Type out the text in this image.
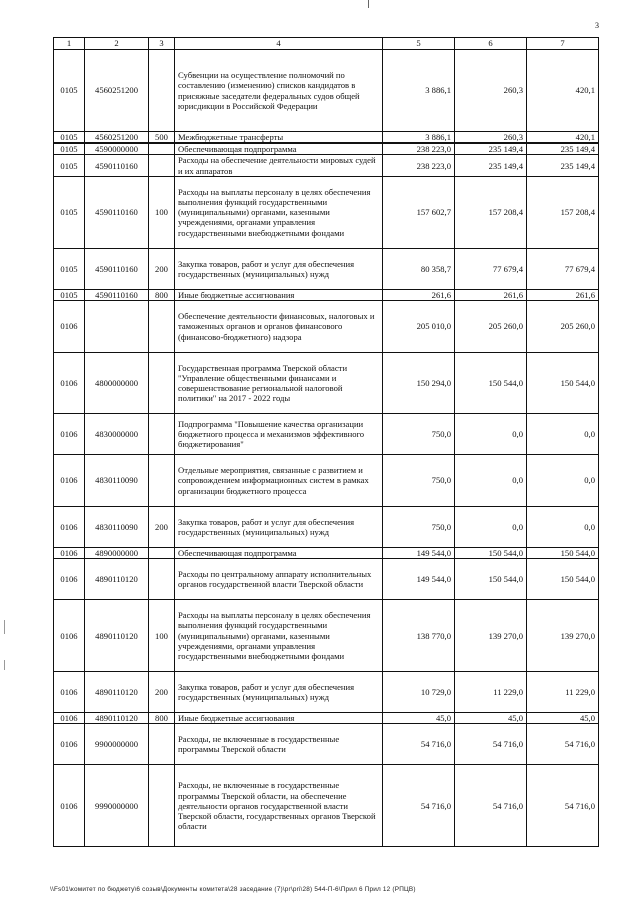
3
1	2	3	4	5	6	7
0105	4560251200		Субвенции на осуществление полномочий по составлению (изменению) списков кандидатов в присяжные заседатели федеральных судов общей юрисдикции в Российской Федерации	3 886,1	260,3	420,1
0105	4560251200	500	Межбюджетные трансферты	3 886,1	260,3	420,1
0105	4590000000		Обеспечивающая подпрограмма	238 223,0	235 149,4	235 149,4
0105	4590110160		Расходы на обеспечение деятельности мировых судей и их аппаратов	238 223,0	235 149,4	235 149,4
0105	4590110160	100	Расходы на выплаты персоналу в целях обеспечения выполнения функций государственными (муниципальными) органами, казенными учреждениями, органами управления государственными внебюджетными фондами	157 602,7	157 208,4	157 208,4
0105	4590110160	200	Закупка товаров, работ и услуг для обеспечения государственных (муниципальных) нужд	80 358,7	77 679,4	77 679,4
0105	4590110160	800	Иные бюджетные ассигнования	261,6	261,6	261,6
0106			Обеспечение деятельности финансовых, налоговых и таможенных органов и органов финансового (финансово-бюджетного) надзора	205 010,0	205 260,0	205 260,0
0106	4800000000		Государственная программа Тверской области "Управление общественными финансами и совершенствование региональной налоговой политики" на 2017 - 2022 годы	150 294,0	150 544,0	150 544,0
0106	4830000000		Подпрограмма "Повышение качества организации бюджетного процесса и механизмов эффективного бюджетирования"	750,0	0,0	0,0
0106	4830110090		Отдельные мероприятия, связанные с развитием и сопровождением информационных систем в рамках организации бюджетного процесса	750,0	0,0	0,0
0106	4830110090	200	Закупка товаров, работ и услуг для обеспечения государственных (муниципальных) нужд	750,0	0,0	0,0
0106	4890000000		Обеспечивающая подпрограмма	149 544,0	150 544,0	150 544,0
0106	4890110120		Расходы по центральному аппарату исполнительных органов государственной власти Тверской области	149 544,0	150 544,0	150 544,0
0106	4890110120	100	Расходы на выплаты персоналу в целях обеспечения выполнения функций государственными (муниципальными) органами, казенными учреждениями, органами управления государственными внебюджетными фондами	138 770,0	139 270,0	139 270,0
0106	4890110120	200	Закупка товаров, работ и услуг для обеспечения государственных (муниципальных) нужд	10 729,0	11 229,0	11 229,0
0106	4890110120	800	Иные бюджетные ассигнования	45,0	45,0	45,0
0106	9900000000		Расходы, не включенные в государственные программы Тверской области	54 716,0	54 716,0	54 716,0
0106	9990000000		Расходы, не включенные в государственные программы Тверской области, на обеспечение деятельности органов государственной власти Тверской области, государственных органов Тверской области	54 716,0	54 716,0	54 716,0
\\Fs01\комитет по бюджету\6 созыв\Документы комитета\28 заседание (7)\pr\pri\28) 544-П-6\Прил 6 Прил 12 (РПЦВ)
